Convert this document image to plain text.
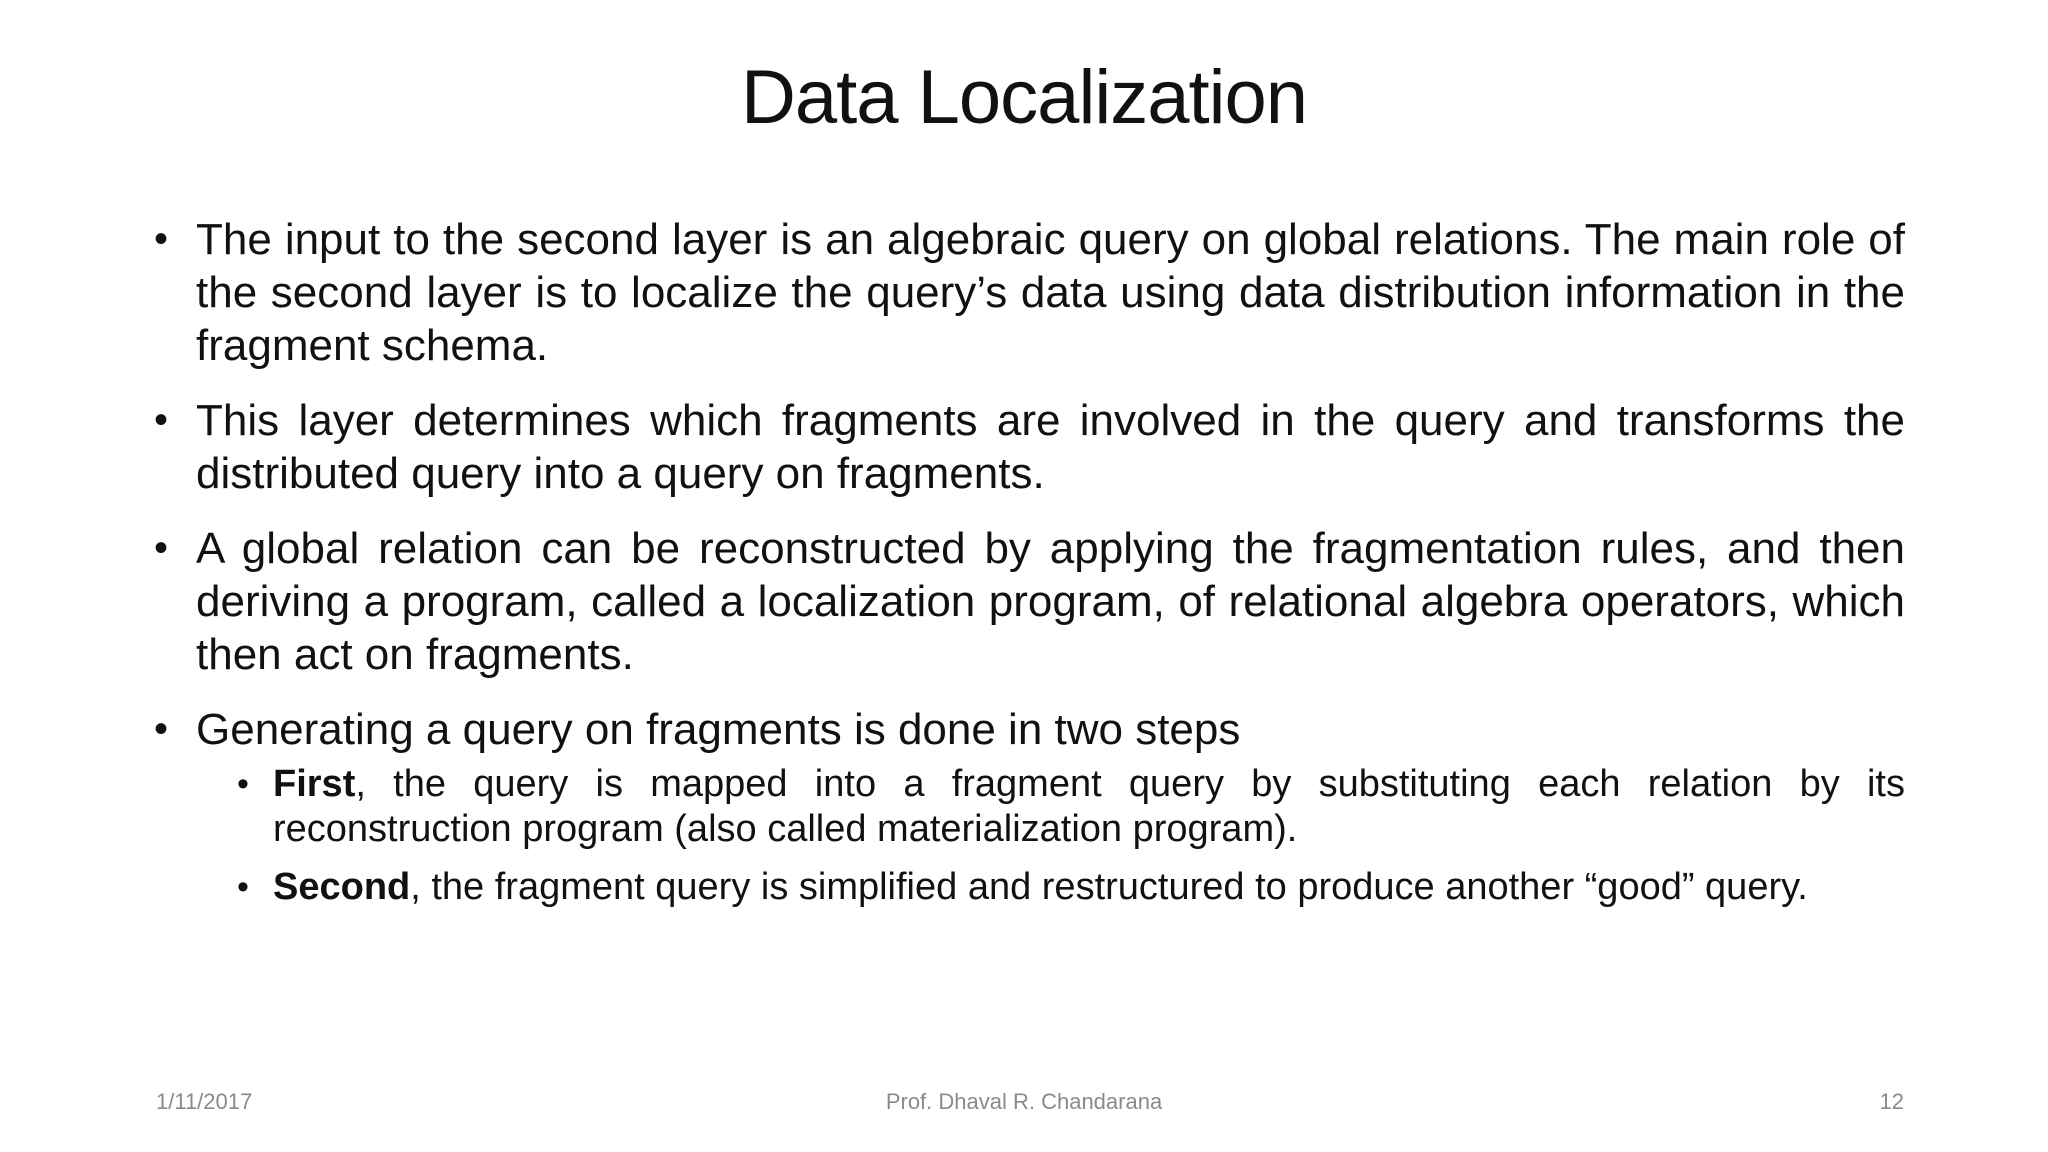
Data Localization
• The input to the second layer is an algebraic query on global relations. The main role of the second layer is to localize the query’s data using data distribution information in the fragment schema.
• This layer determines which fragments are involved in the query and transforms the distributed query into a query on fragments.
• A global relation can be reconstructed by applying the fragmentation rules, and then deriving a program, called a localization program, of relational algebra operators, which then act on fragments.
• Generating a query on fragments is done in two steps
• First, the query is mapped into a fragment query by substituting each relation by its reconstruction program (also called materialization program).
• Second, the fragment query is simplified and restructured to produce another “good” query.
1/11/2017	Prof. Dhaval R. Chandarana	12
